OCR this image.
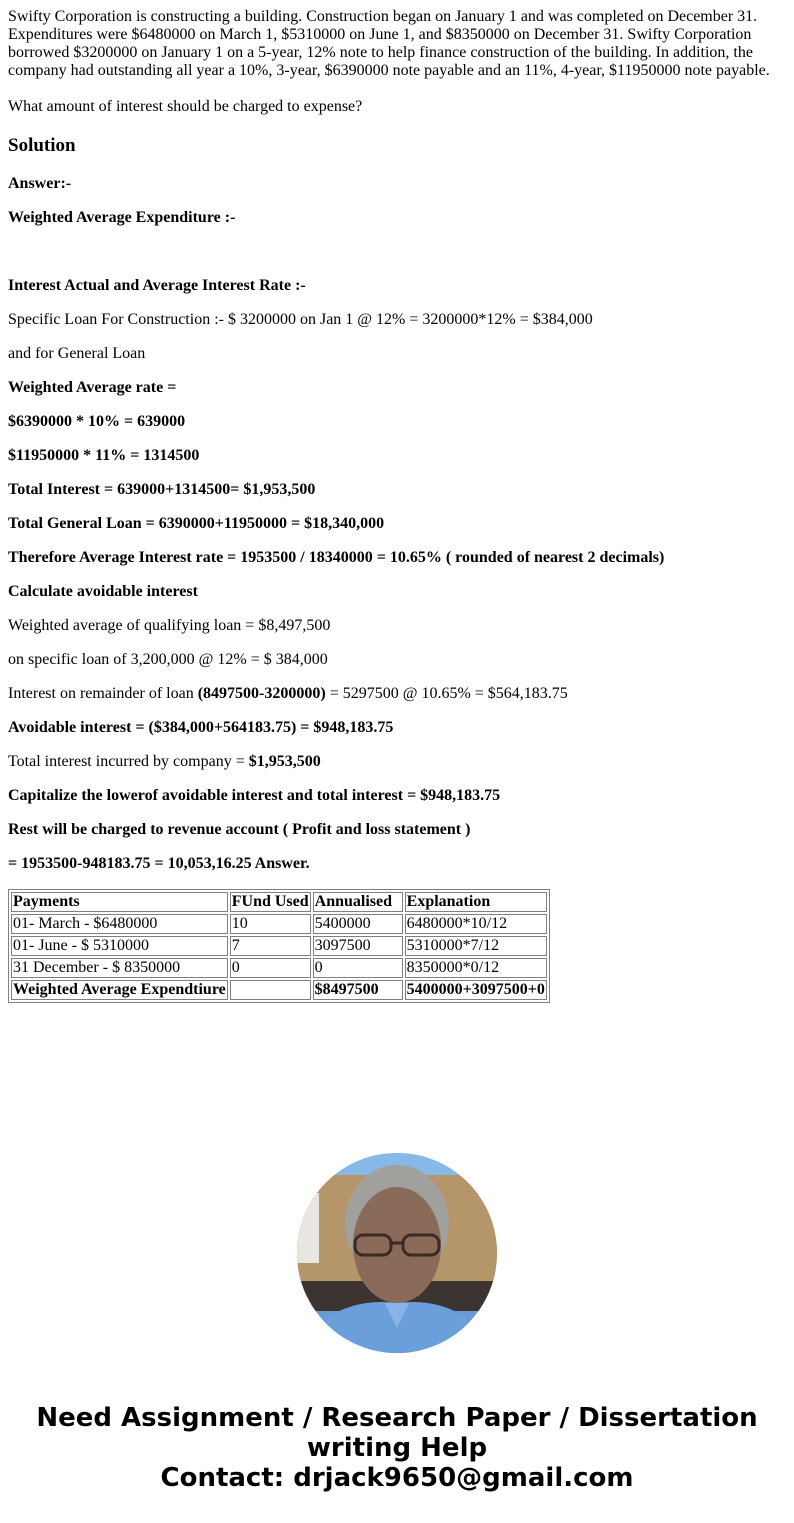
Swifty Corporation is constructing a building. Construction began on January 1 and was completed on December 31. Expenditures were $6480000 on March 1, $5310000 on June 1, and $8350000 on December 31. Swifty Corporation borrowed $3200000 on January 1 on a 5-year, 12% note to help finance construction of the building. In addition, the company had outstanding all year a 10%, 3-year, $6390000 note payable and an 11%, 4-year, $11950000 note payable.

What amount of interest should be charged to expense?

Solution

Answer:-

Weighted Average Expenditure :-

Interest Actual and Average Interest Rate :-

Specific Loan For Construction :- $ 3200000 on Jan 1 @ 12% = 3200000*12% = $384,000

and for General Loan

Weighted Average rate =

$6390000 * 10% = 639000

$11950000 * 11% = 1314500

Total Interest = 639000+1314500= $1,953,500

Total General Loan = 6390000+11950000 = $18,340,000

Therefore Average Interest rate = 1953500 / 18340000 = 10.65% ( rounded of nearest 2 decimals)

Calculate avoidable interest

Weighted average of qualifying loan = $8,497,500

on specific loan of 3,200,000 @ 12% = $ 384,000

Interest on remainder of loan (8497500-3200000) = 5297500 @ 10.65% = $564,183.75

Avoidable interest = ($384,000+564183.75) = $948,183.75

Total interest incurred by company = $1,953,500

Capitalize the lowerof avoidable interest and total interest = $948,183.75

Rest will be charged to revenue account ( Profit and loss statement )

= 1953500-948183.75 = 10,053,16.25 Answer.

Payments	FUnd Used	Annualised	Explanation
01- March - $6480000	10	5400000	6480000*10/12
01- June - $ 5310000	7	3097500	5310000*7/12
31 December - $ 8350000	0	0	8350000*0/12
Weighted Average Expendtiure		$8497500	5400000+3097500+0
Need Assignment / Research Paper / Dissertation
writing Help
Contact: drjack9650@gmail.com
